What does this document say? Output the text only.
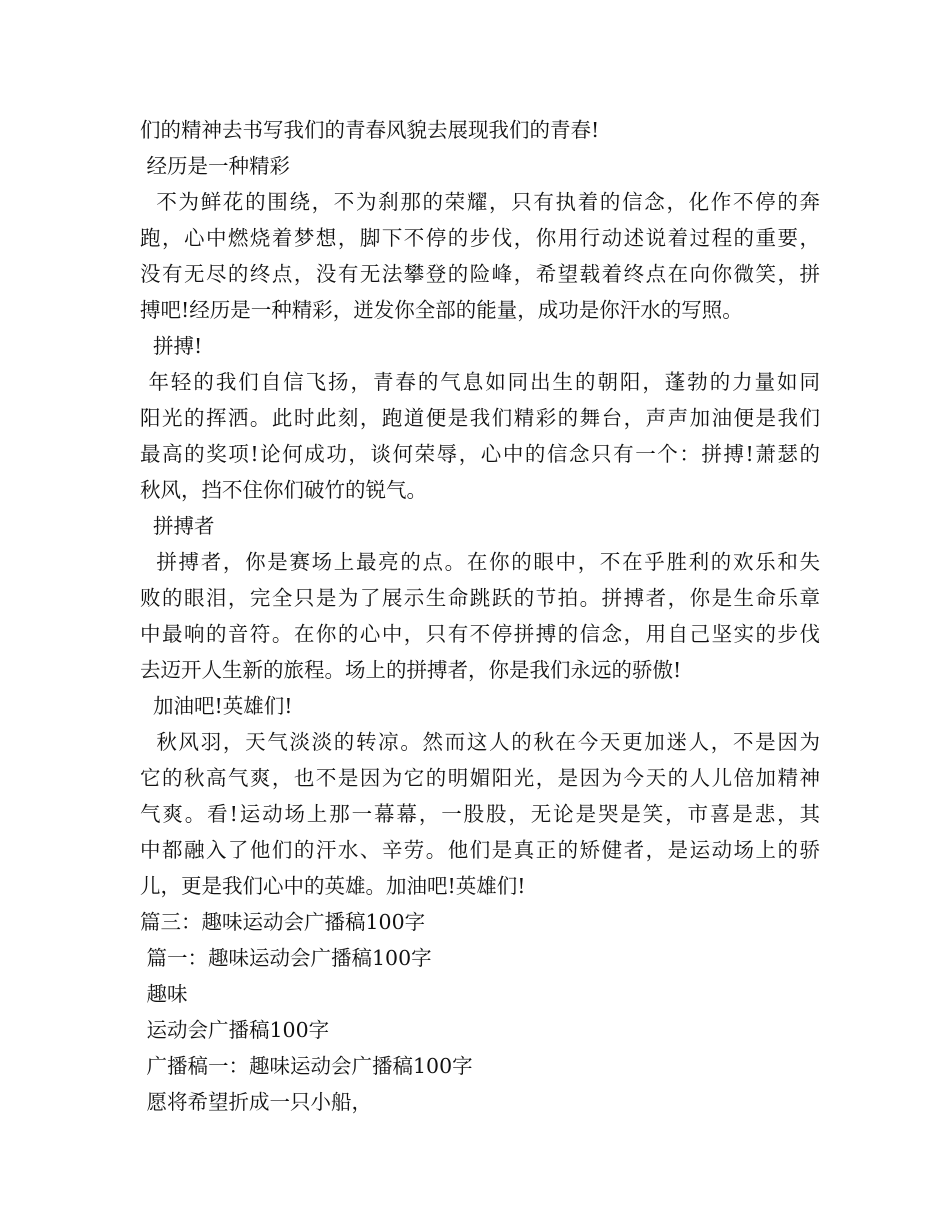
们的精神去书写我们的青春风貌去展现我们的青春!
经历是一种精彩
不为鲜花的围绕，不为刹那的荣耀，只有执着的信念，化作不停的奔
跑，心中燃烧着梦想，脚下不停的步伐，你用行动述说着过程的重要，
没有无尽的终点，没有无法攀登的险峰，希望载着终点在向你微笑，拼
搏吧!经历是一种精彩，迸发你全部的能量，成功是你汗水的写照。
拼搏!
年轻的我们自信飞扬，青春的气息如同出生的朝阳，蓬勃的力量如同
阳光的挥洒。此时此刻，跑道便是我们精彩的舞台，声声加油便是我们
最高的奖项!论何成功，谈何荣辱，心中的信念只有一个：拼搏!萧瑟的
秋风，挡不住你们破竹的锐气。
拼搏者
拼搏者，你是赛场上最亮的点。在你的眼中，不在乎胜利的欢乐和失
败的眼泪，完全只是为了展示生命跳跃的节拍。拼搏者，你是生命乐章
中最响的音符。在你的心中，只有不停拼搏的信念，用自己坚实的步伐
去迈开人生新的旅程。场上的拼搏者，你是我们永远的骄傲!
加油吧!英雄们!
秋风羽，天气淡淡的转凉。然而这人的秋在今天更加迷人，不是因为
它的秋高气爽，也不是因为它的明媚阳光，是因为今天的人儿倍加精神
气爽。看!运动场上那一幕幕，一股股，无论是哭是笑，市喜是悲，其
中都融入了他们的汗水、辛劳。他们是真正的矫健者，是运动场上的骄
儿，更是我们心中的英雄。加油吧!英雄们!
篇三：趣味运动会广播稿100字
篇一：趣味运动会广播稿100字
趣味
运动会广播稿100字
广播稿一：趣味运动会广播稿100字
愿将希望折成一只小船，
